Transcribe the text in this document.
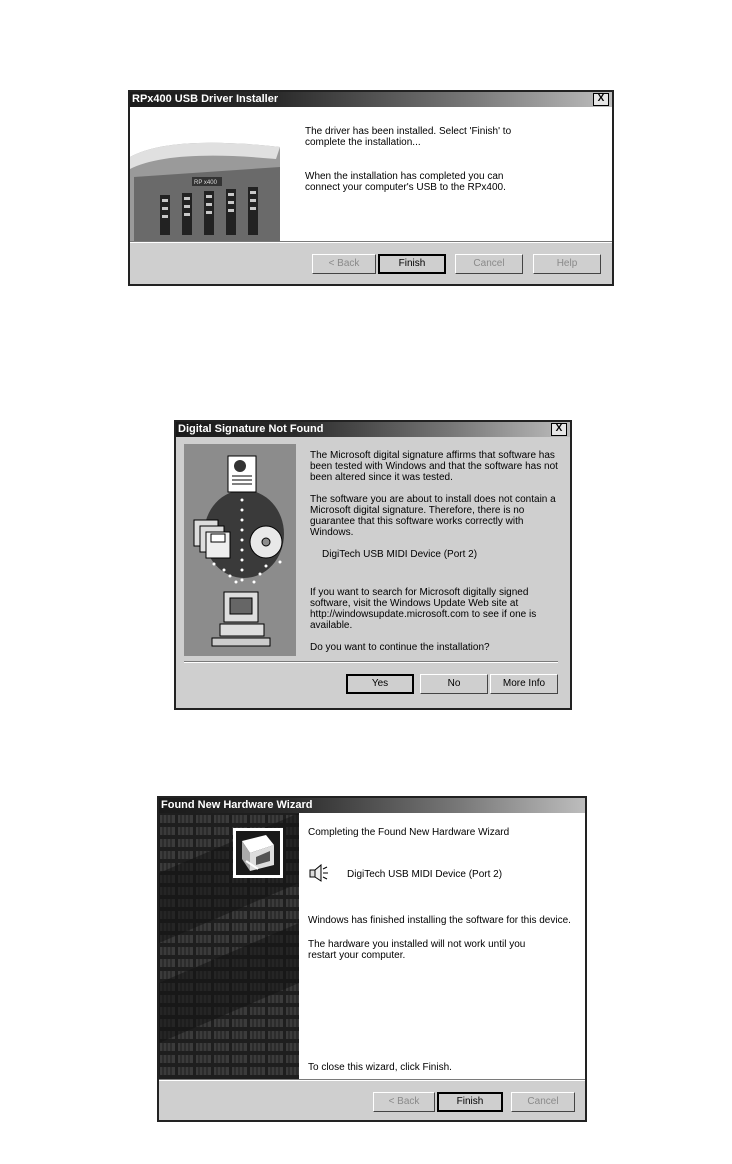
RPx400 USB Driver Installer	X
RP x400
The driver has been installed. Select 'Finish' to complete the installation...
When the installation has completed you can connect your computer's USB to the RPx400.
< Back	Finish	Cancel	Help
Digital Signature Not Found	X
The Microsoft digital signature affirms that software has been tested with Windows and that the software has not been altered since it was tested.
The software you are about to install does not contain a Microsoft digital signature. Therefore, there is no guarantee that this software works correctly with Windows.
DigiTech USB MIDI Device (Port 2)
If you want to search for Microsoft digitally signed software, visit the Windows Update Web site at http://windowsupdate.microsoft.com to see if one is available.
Do you want to continue the installation?
Yes	No	More Info
Found New Hardware Wizard
Completing the Found New Hardware Wizard
DigiTech USB MIDI Device (Port 2)
Windows has finished installing the software for this device.
The hardware you installed will not work until you restart your computer.
To close this wizard, click Finish.
< Back	Finish	Cancel
